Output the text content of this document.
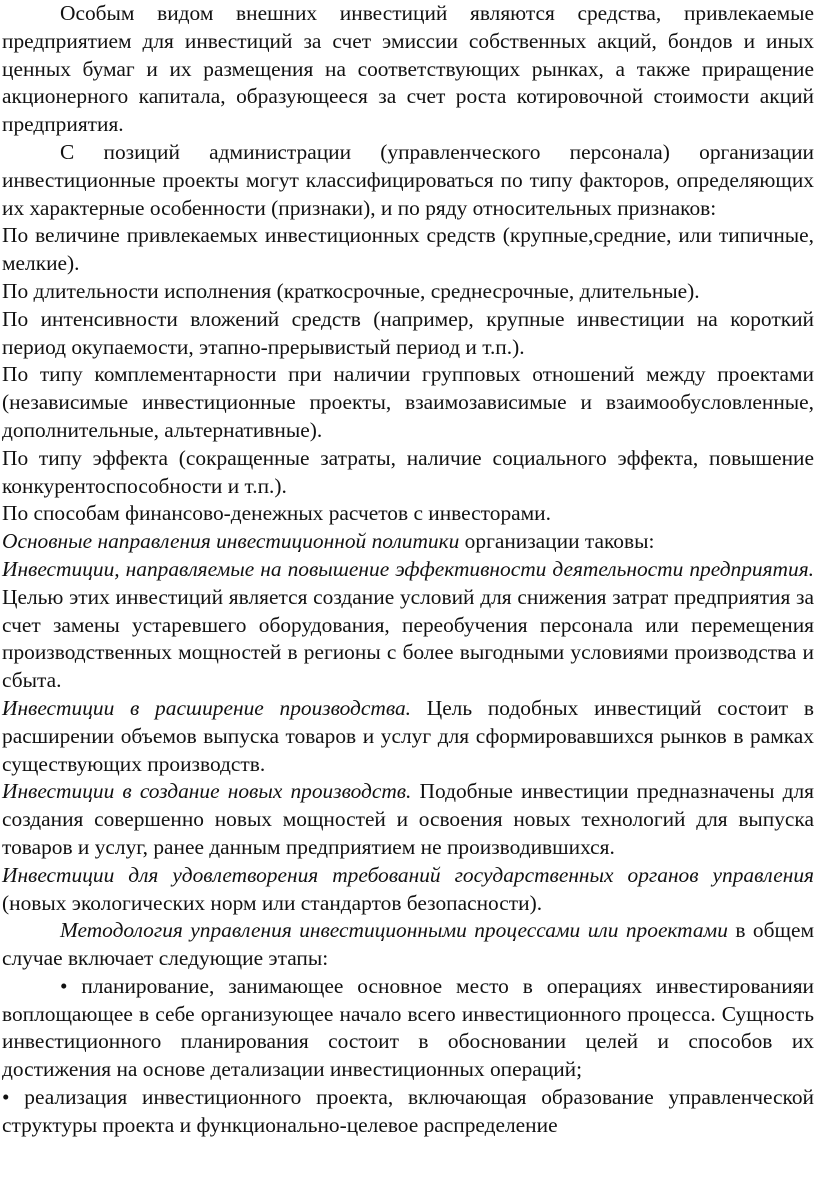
Особым видом внешних инвестиций являются средства, привлекаемые предприятием для инвестиций за счет эмиссии собственных акций, бондов и иных ценных бумаг и их размещения на соответствующих рынках, а также приращение акционерного капитала, образующееся за счет роста котировочной стоимости акций предприятия.

С позиций администрации (управленческого персонала) организации инвестиционные проекты могут классифицироваться по типу факторов, определяющих их характерные особенности (признаки), и по ряду относительных признаков:

По величине привлекаемых инвестиционных средств (крупные,средние, или типичные, мелкие).

По длительности исполнения (краткосрочные, среднесрочные, длительные).

По интенсивности вложений средств (например, крупные инвестиции на короткий период окупаемости, этапно-прерывистый период и т.п.).

По типу комплементарности при наличии групповых отношений между проектами (независимые инвестиционные проекты, взаимозависимые и взаимообусловленные, дополнительные, альтернативные).

По типу эффекта (сокращенные затраты, наличие социального эффекта, повышение конкурентоспособности и т.п.).

По способам финансово-денежных расчетов с инвесторами.

Основные направления инвестиционной политики организации таковы:

Инвестиции, направляемые на повышение эффективности деятельности предприятия. Целью этих инвестиций является создание условий для снижения затрат предприятия за счет замены устаревшего оборудования, переобучения персонала или перемещения производственных мощностей в регионы с более выгодными условиями производства и сбыта.

Инвестиции в расширение производства. Цель подобных инвестиций состоит в расширении объемов выпуска товаров и услуг для сформировавшихся рынков в рамках существующих производств.

Инвестиции в создание новых производств. Подобные инвестиции предназначены для создания совершенно новых мощностей и освоения новых технологий для выпуска товаров и услуг, ранее данным предприятием не производившихся.

Инвестиции для удовлетворения требований государственных органов управления (новых экологических норм или стандартов безопасности).

Методология управления инвестиционными процессами или проектами в общем случае включает следующие этапы:

• планирование, занимающее основное место в операциях инвестированияи воплощающее в себе организующее начало всего инвестиционного процесса. Сущность инвестиционного планирования состоит в обосновании целей и способов их достижения на основе детализации инвестиционных операций;

• реализация инвестиционного проекта, включающая образование управленческой структуры проекта и функционально-целевое распределение
